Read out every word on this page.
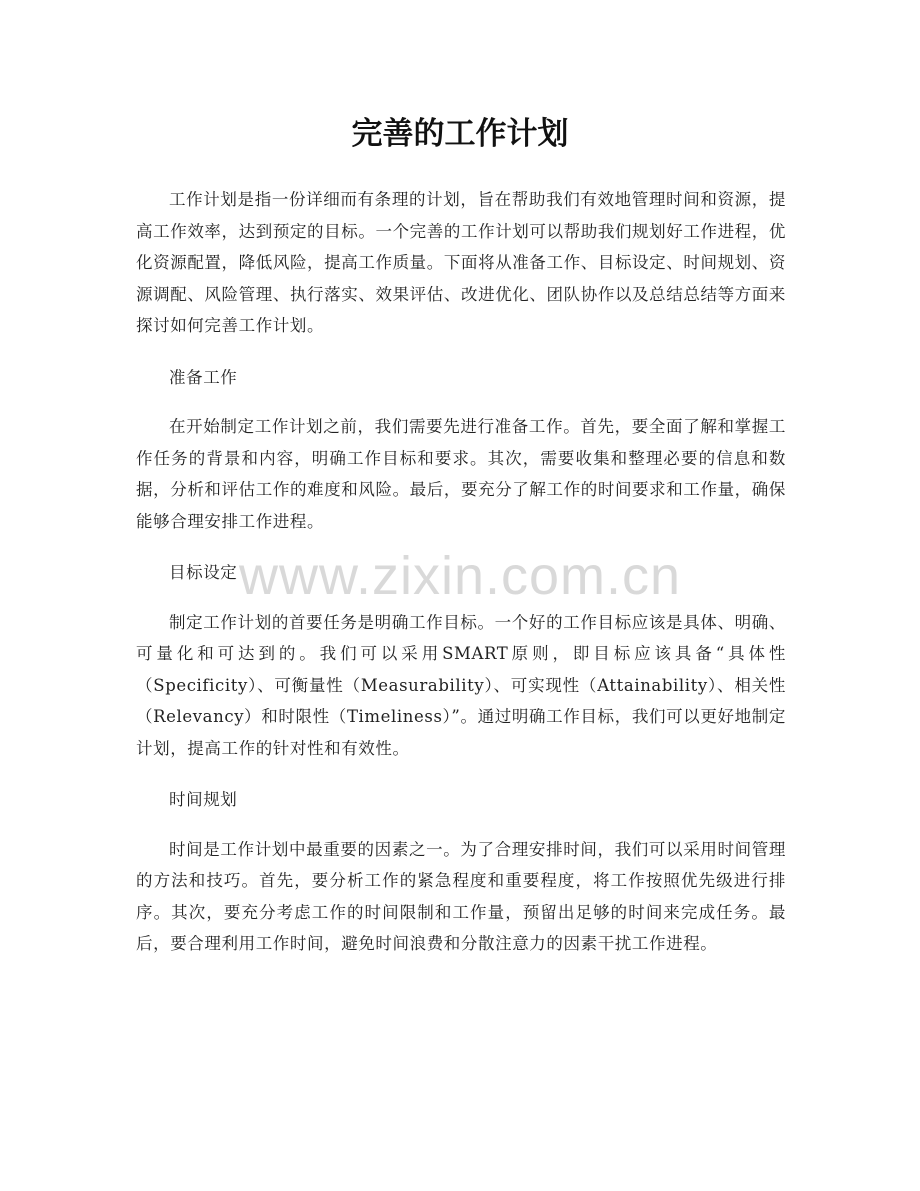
www.zixin.com.cn
完善的工作计划

工作计划是指一份详细而有条理的计划，旨在帮助我们有效地管理时间和资源，提高工作效率，达到预定的目标。一个完善的工作计划可以帮助我们规划好工作进程，优化资源配置，降低风险，提高工作质量。下面将从准备工作、目标设定、时间规划、资源调配、风险管理、执行落实、效果评估、改进优化、团队协作以及总结总结等方面来探讨如何完善工作计划。

准备工作

在开始制定工作计划之前，我们需要先进行准备工作。首先，要全面了解和掌握工作任务的背景和内容，明确工作目标和要求。其次，需要收集和整理必要的信息和数据，分析和评估工作的难度和风险。最后，要充分了解工作的时间要求和工作量，确保能够合理安排工作进程。

目标设定

制定工作计划的首要任务是明确工作目标。一个好的工作目标应该是具体、明确、可量化和可达到的。我们可以采用SMART原则，即目标应该具备“具体性（Specificity）、可衡量性（Measurability）、可实现性（Attainability）、相关性（Relevancy）和时限性（Timeliness）”。通过明确工作目标，我们可以更好地制定计划，提高工作的针对性和有效性。

时间规划

时间是工作计划中最重要的因素之一。为了合理安排时间，我们可以采用时间管理的方法和技巧。首先，要分析工作的紧急程度和重要程度，将工作按照优先级进行排序。其次，要充分考虑工作的时间限制和工作量，预留出足够的时间来完成任务。最后，要合理利用工作时间，避免时间浪费和分散注意力的因素干扰工作进程。
